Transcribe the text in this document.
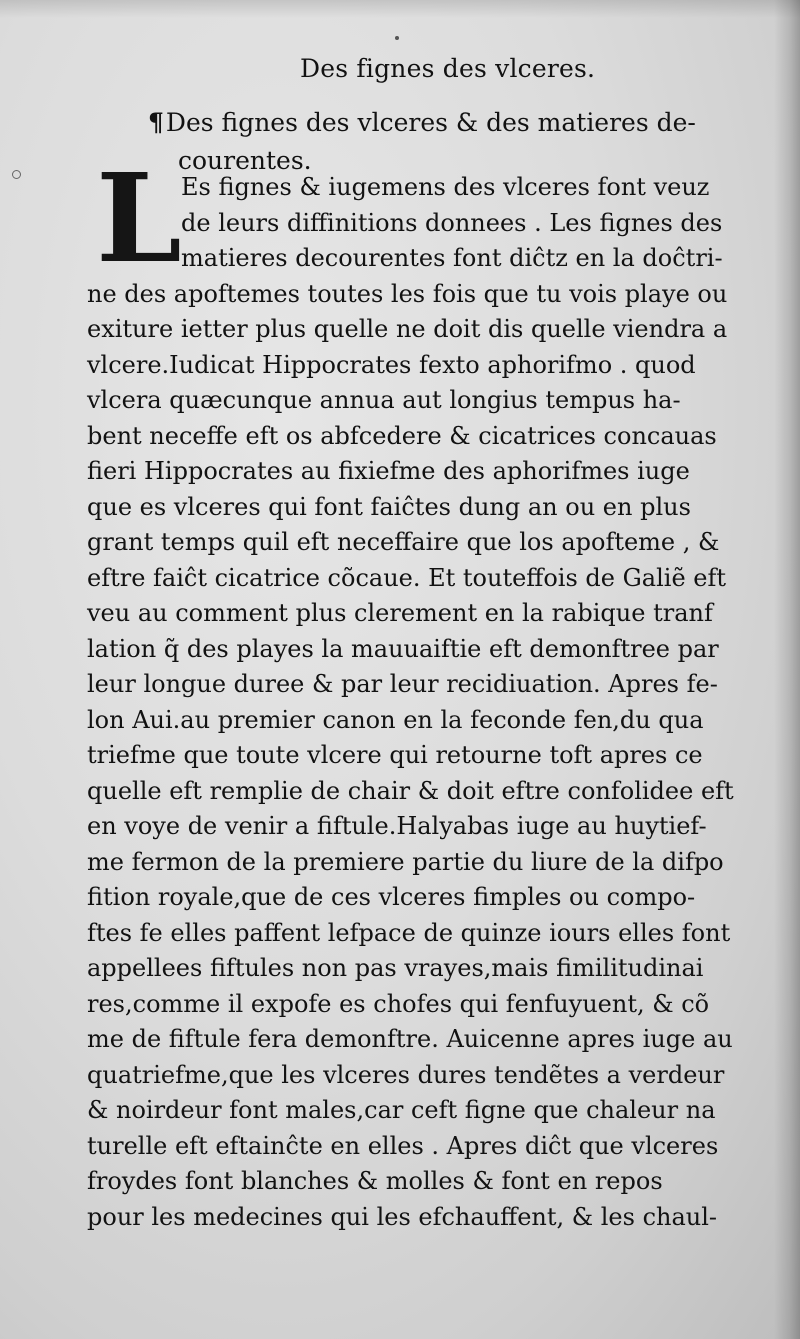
Des fignes des vlceres.
¶Des fignes des vlceres & des matieres de-
courentes.
L Es fignes & iugemens des vlceres font veuz
de leurs diffinitions donnees . Les fignes des
matieres decourentes font diĉtz en la doĉtri-
ne des apoftemes toutes les fois que tu vois playe ou
exiture ietter plus quelle ne doit dis quelle viendra a
vlcere.Iudicat Hippocrates fexto aphorifmo . quod
vlcera quæcunque annua aut longius tempus ha-
bent neceffe eft os abfcedere & cicatrices concauas
fieri Hippocrates au fixiefme des aphorifmes iuge
que es vlceres qui font faiĉtes dung an ou en plus
grant temps quil eft neceffaire que los apofteme , &
eftre faiĉt cicatrice cõcaue. Et touteffois de Galiẽ eft
veu au comment plus clerement en la rabique tranf
lation q̃ des playes la mauuaiftie eft demonftree par
leur longue duree & par leur recidiuation. Apres fe-
lon Aui.au premier canon en la feconde fen,du qua
triefme que toute vlcere qui retourne toft apres ce
quelle eft remplie de chair & doit eftre confolidee eft
en voye de venir a fiftule.Halyabas iuge au huytief-
me fermon de la premiere partie du liure de la difpo
fition royale,que de ces vlceres fimples ou compo-
ftes fe elles paffent lefpace de quinze iours elles font
appellees fiftules non pas vrayes,mais fimilitudinai
res,comme il expofe es chofes qui fenfuyuent, & cõ
me de fiftule fera demonftre. Auicenne apres iuge au
quatriefme,que les vlceres dures tendẽtes a verdeur
& noirdeur font males,car ceft figne que chaleur na
turelle eft eftainĉte en elles . Apres diĉt que vlceres
froydes font blanches & molles & font en repos
pour les medecines qui les efchauffent, & les chaul-
